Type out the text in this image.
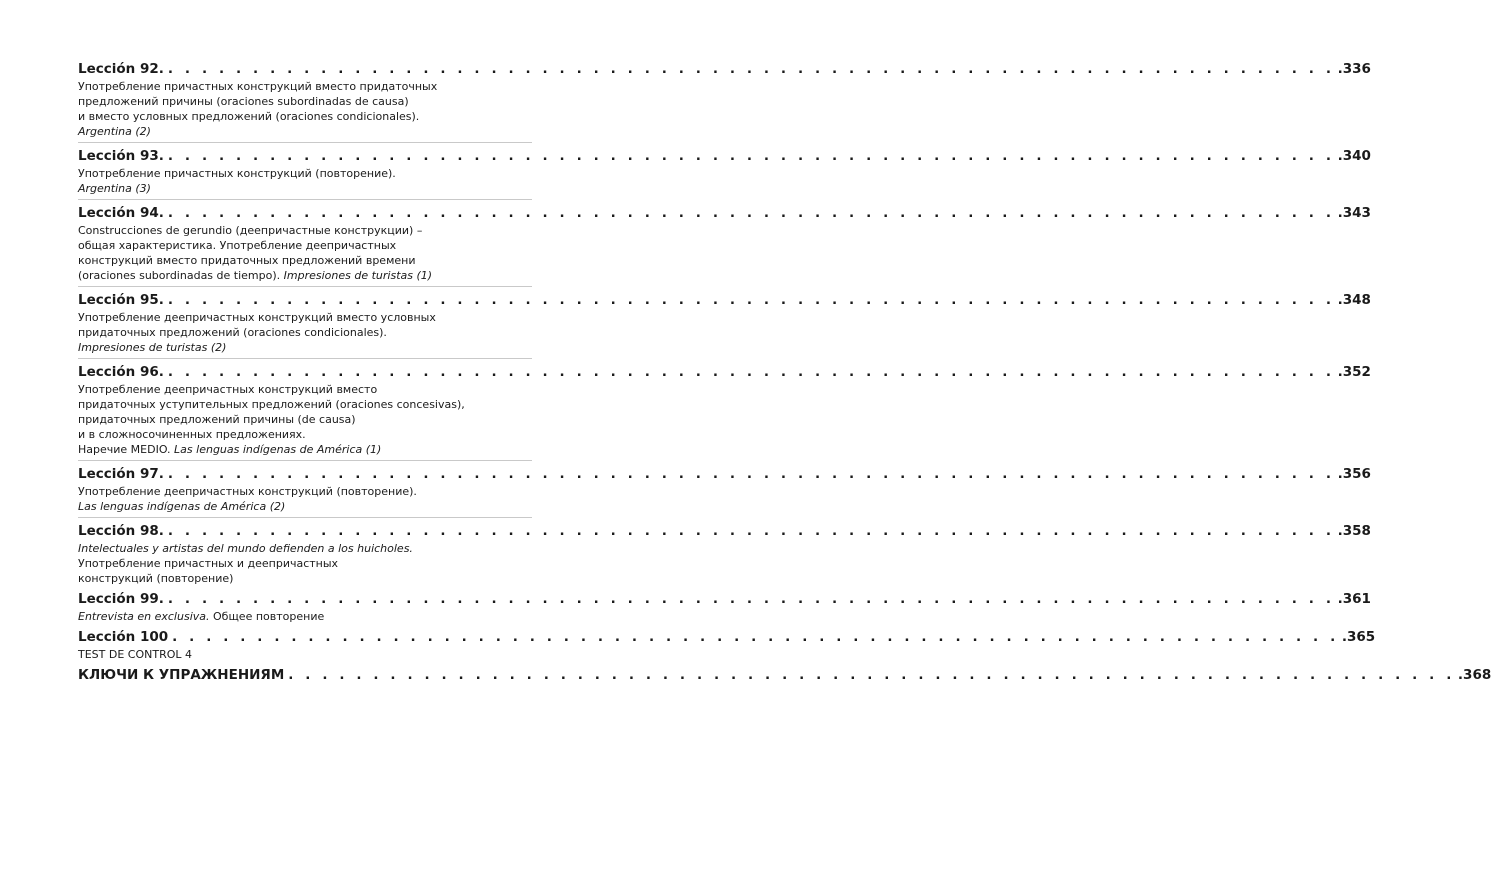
Lección 92. . . . . . . . . . . . . . . . . . . . . . . . . . . . . . . . . . . . . . . . . . . . . . . . . . . . . . . . . . . . . . . . . . . . . . .336
Употребление причастных конструкций вместо придаточных
предложений причины (oraciones subordinadas de causa)
и вместо условных предложений (oraciones condicionales).
Argentina (2)
Lección 93. . . . . . . . . . . . . . . . . . . . . . . . . . . . . . . . . . . . . . . . . . . . . . . . . . . . . . . . . . . . . . . . . . . . . . .340
Употребление причастных конструкций (повторение).
Argentina (3)
Lección 94. . . . . . . . . . . . . . . . . . . . . . . . . . . . . . . . . . . . . . . . . . . . . . . . . . . . . . . . . . . . . . . . . . . . . . .343
Construcciones de gerundio (деепричастные конструкции) –
общая характеристика. Употребление деепричастных
конструкций вместо придаточных предложений времени
(oraciones subordinadas de tiempo). Impresiones de turistas (1)
Lección 95. . . . . . . . . . . . . . . . . . . . . . . . . . . . . . . . . . . . . . . . . . . . . . . . . . . . . . . . . . . . . . . . . . . . . . .348
Употребление деепричастных конструкций вместо условных
придаточных предложений (oraciones condicionales).
Impresiones de turistas (2)
Lección 96. . . . . . . . . . . . . . . . . . . . . . . . . . . . . . . . . . . . . . . . . . . . . . . . . . . . . . . . . . . . . . . . . . . . . . .352
Употребление деепричастных конструкций вместо
придаточных уступительных предложений (oraciones concesivas),
придаточных предложений причины (de causa)
и в сложносочиненных предложениях.
Наречие MEDIO. Las lenguas indígenas de América (1)
Lección 97. . . . . . . . . . . . . . . . . . . . . . . . . . . . . . . . . . . . . . . . . . . . . . . . . . . . . . . . . . . . . . . . . . . . . . .356
Употребление деепричастных конструкций (повторение).
Las lenguas indígenas de América (2)
Lección 98. . . . . . . . . . . . . . . . . . . . . . . . . . . . . . . . . . . . . . . . . . . . . . . . . . . . . . . . . . . . . . . . . . . . . . .358
Intelectuales y artistas del mundo defienden a los huicholes.
Употребление причастных и деепричастных
конструкций (повторение)
Lección 99. . . . . . . . . . . . . . . . . . . . . . . . . . . . . . . . . . . . . . . . . . . . . . . . . . . . . . . . . . . . . . . . . . . . . . .361
Entrevista en exclusiva. Общее повторение
Lección 100 . . . . . . . . . . . . . . . . . . . . . . . . . . . . . . . . . . . . . . . . . . . . . . . . . . . . . . . . . . . . . . . . . . . . . .365
TEST DE CONTROL 4
КЛЮЧИ К УПРАЖНЕНИЯМ . . . . . . . . . . . . . . . . . . . . . . . . . . . . . . . . . . . . . . . . . . . . . . . . . . . . . . . . . . . . . . . . . . . . . .368
